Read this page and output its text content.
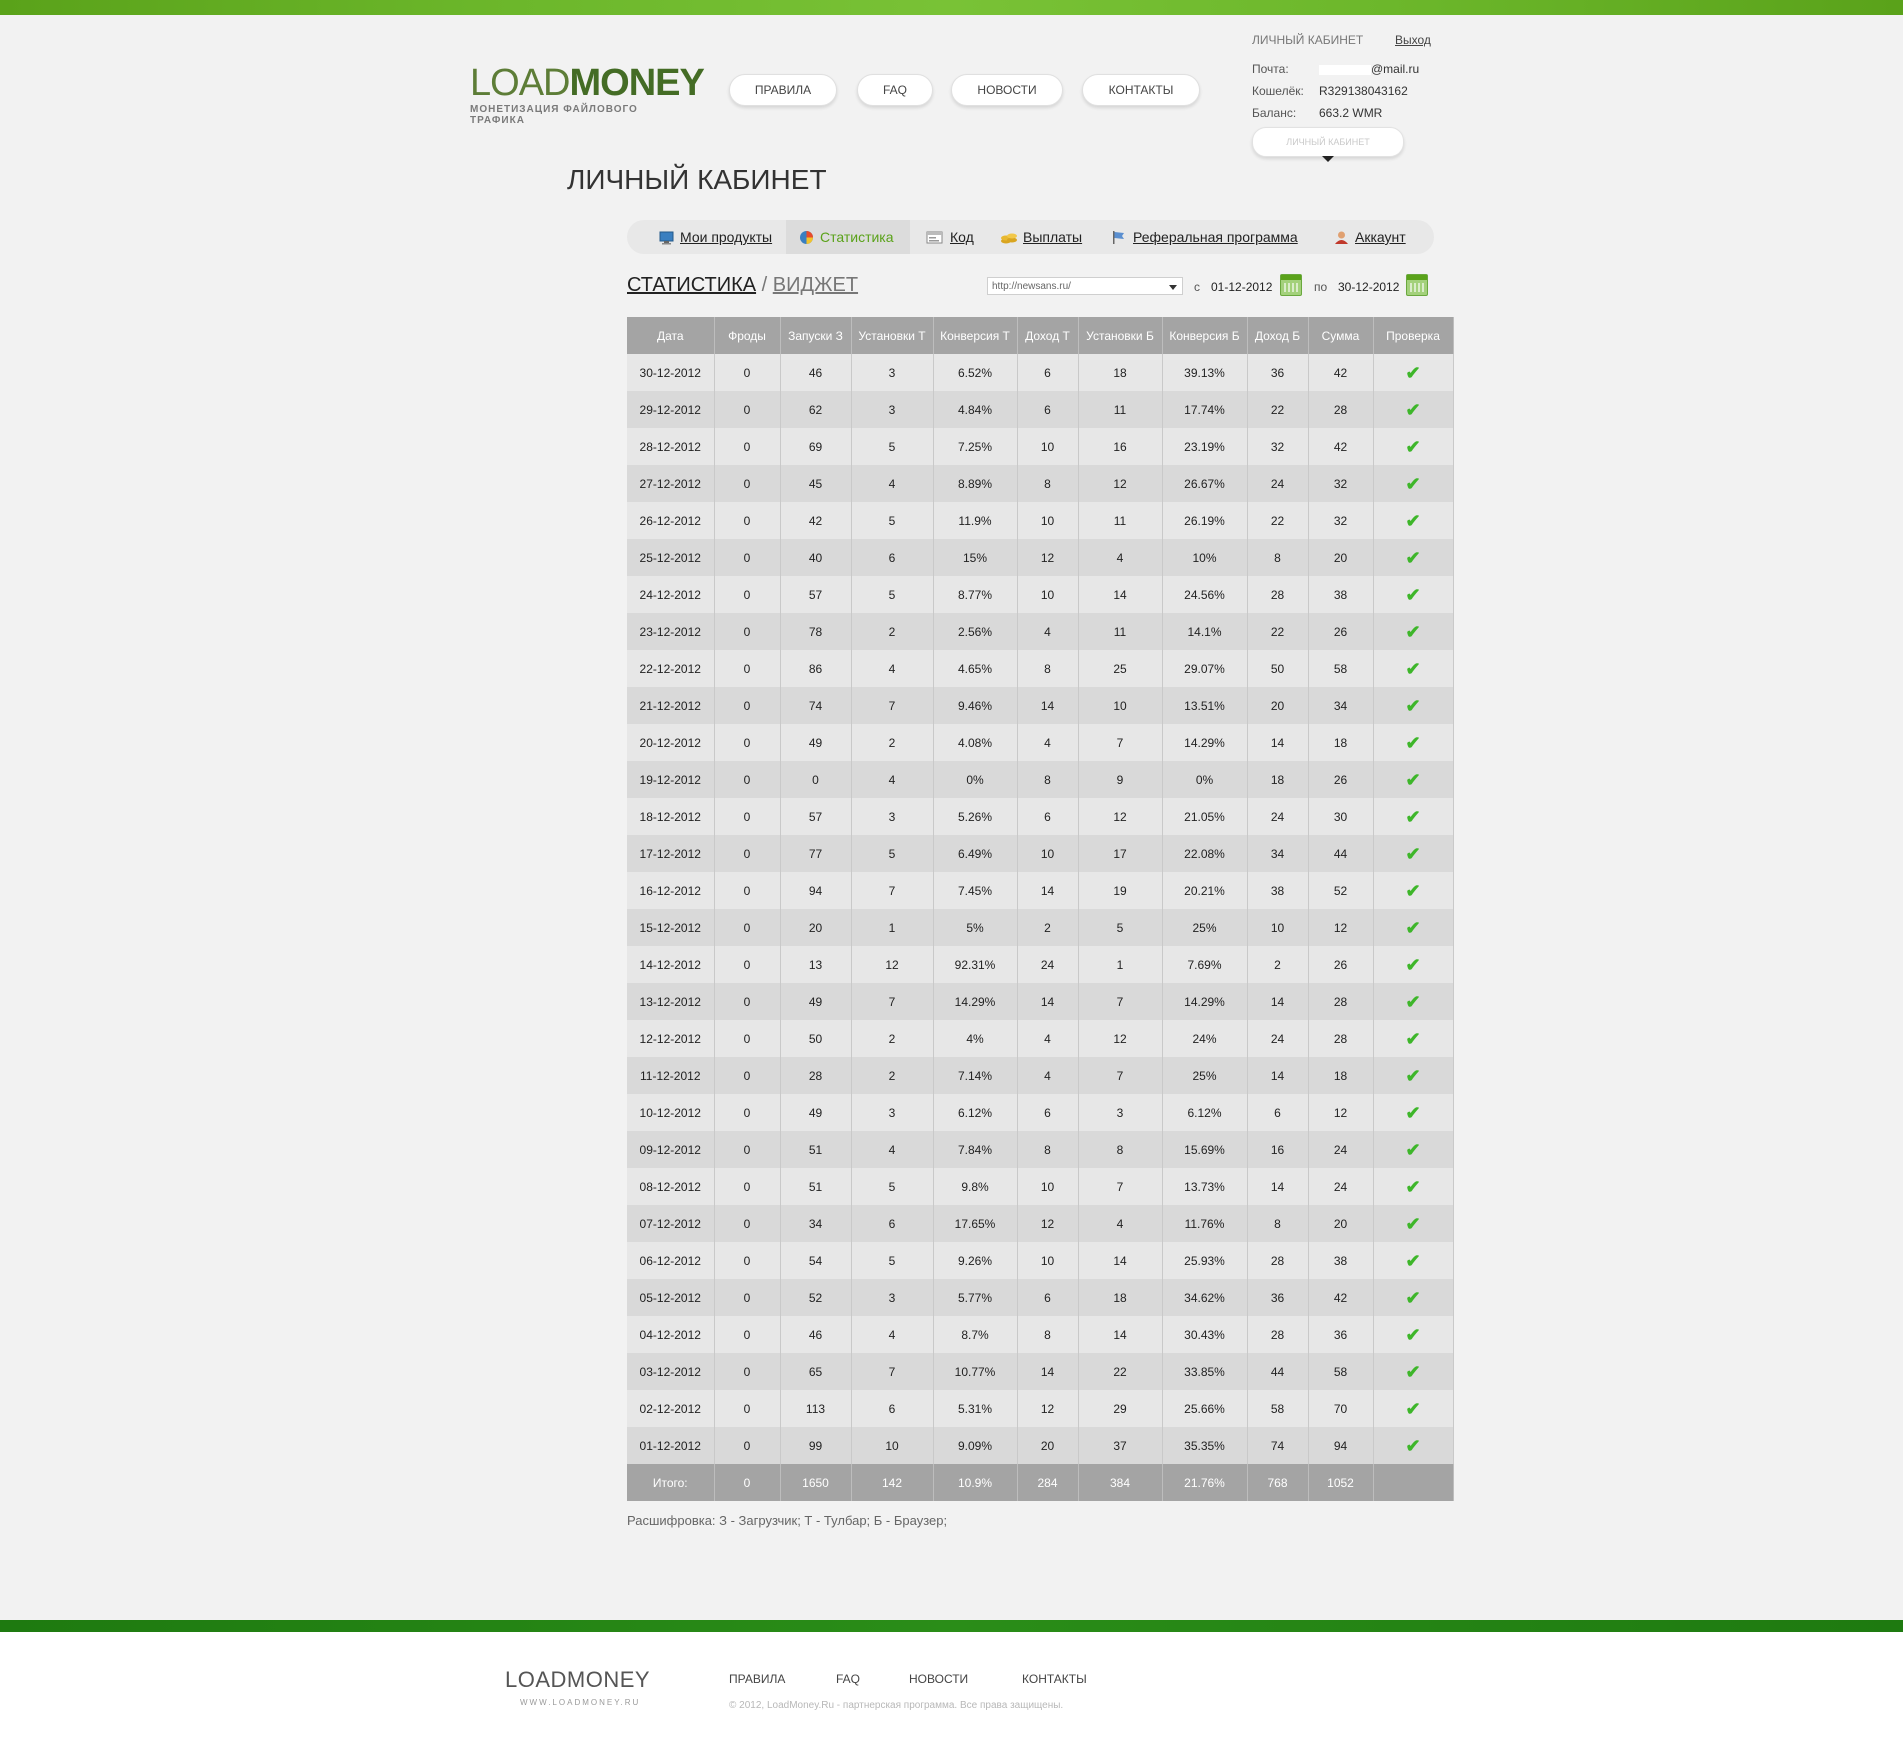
LOADMONEY
МОНЕТИЗАЦИЯ ФАЙЛОВОГО ТРАФИКА
ПРАВИЛА	FAQ	НОВОСТИ	КОНТАКТЫ
ЛИЧНЫЙ КАБИНЕТ	Выход
Почта:	@mail.ru
Кошелёк: R329138043162
Баланс: 663.2 WMR
ЛИЧНЫЙ КАБИНЕТ
ЛИЧНЫЙ КАБИНЕТ
Мои продукты	Статистика	Код	Выплаты	Реферальная программа	Аккаунт
СТАТИСТИКА / ВИДЖЕТ	http://newsans.ru/	с 01-12-2012	по 30-12-2012
Дата	Фроды	Запуски З	Установки Т	Конверсия Т	Доход Т	Установки Б	Конверсия Б	Доход Б	Сумма	Проверка
30-12-2012	0	46	3	6.52%	6	18	39.13%	36	42	✔
29-12-2012	0	62	3	4.84%	6	11	17.74%	22	28	✔
28-12-2012	0	69	5	7.25%	10	16	23.19%	32	42	✔
27-12-2012	0	45	4	8.89%	8	12	26.67%	24	32	✔
26-12-2012	0	42	5	11.9%	10	11	26.19%	22	32	✔
25-12-2012	0	40	6	15%	12	4	10%	8	20	✔
24-12-2012	0	57	5	8.77%	10	14	24.56%	28	38	✔
23-12-2012	0	78	2	2.56%	4	11	14.1%	22	26	✔
22-12-2012	0	86	4	4.65%	8	25	29.07%	50	58	✔
21-12-2012	0	74	7	9.46%	14	10	13.51%	20	34	✔
20-12-2012	0	49	2	4.08%	4	7	14.29%	14	18	✔
19-12-2012	0	0	4	0%	8	9	0%	18	26	✔
18-12-2012	0	57	3	5.26%	6	12	21.05%	24	30	✔
17-12-2012	0	77	5	6.49%	10	17	22.08%	34	44	✔
16-12-2012	0	94	7	7.45%	14	19	20.21%	38	52	✔
15-12-2012	0	20	1	5%	2	5	25%	10	12	✔
14-12-2012	0	13	12	92.31%	24	1	7.69%	2	26	✔
13-12-2012	0	49	7	14.29%	14	7	14.29%	14	28	✔
12-12-2012	0	50	2	4%	4	12	24%	24	28	✔
11-12-2012	0	28	2	7.14%	4	7	25%	14	18	✔
10-12-2012	0	49	3	6.12%	6	3	6.12%	6	12	✔
09-12-2012	0	51	4	7.84%	8	8	15.69%	16	24	✔
08-12-2012	0	51	5	9.8%	10	7	13.73%	14	24	✔
07-12-2012	0	34	6	17.65%	12	4	11.76%	8	20	✔
06-12-2012	0	54	5	9.26%	10	14	25.93%	28	38	✔
05-12-2012	0	52	3	5.77%	6	18	34.62%	36	42	✔
04-12-2012	0	46	4	8.7%	8	14	30.43%	28	36	✔
03-12-2012	0	65	7	10.77%	14	22	33.85%	44	58	✔
02-12-2012	0	113	6	5.31%	12	29	25.66%	58	70	✔
01-12-2012	0	99	10	9.09%	20	37	35.35%	74	94	✔
Итого:	0	1650	142	10.9%	284	384	21.76%	768	1052	
Расшифровка: З - Загрузчик; Т - Тулбар; Б - Браузер;
LOADMONEY
WWW.LOADMONEY.RU
ПРАВИЛА	FAQ	НОВОСТИ	КОНТАКТЫ
© 2012, LoadMoney.Ru - партнерская программа. Все права защищены.
